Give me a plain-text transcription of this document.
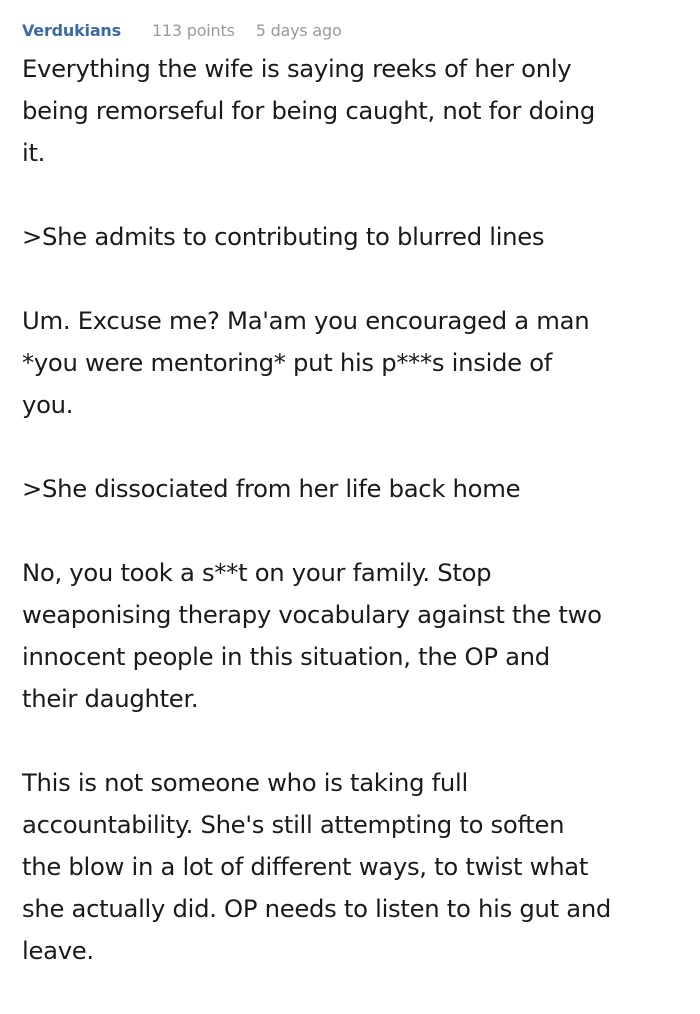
Verdukians 113 points 5 days ago

Everything the wife is saying reeks of her only
being remorseful for being caught, not for doing
it.

>She admits to contributing to blurred lines

Um. Excuse me? Ma'am you encouraged a man
*you were mentoring* put his p***s inside of
you.

>She dissociated from her life back home

No, you took a s**t on your family. Stop
weaponising therapy vocabulary against the two
innocent people in this situation, the OP and
their daughter.

This is not someone who is taking full
accountability. She's still attempting to soften
the blow in a lot of different ways, to twist what
she actually did. OP needs to listen to his gut and
leave.
